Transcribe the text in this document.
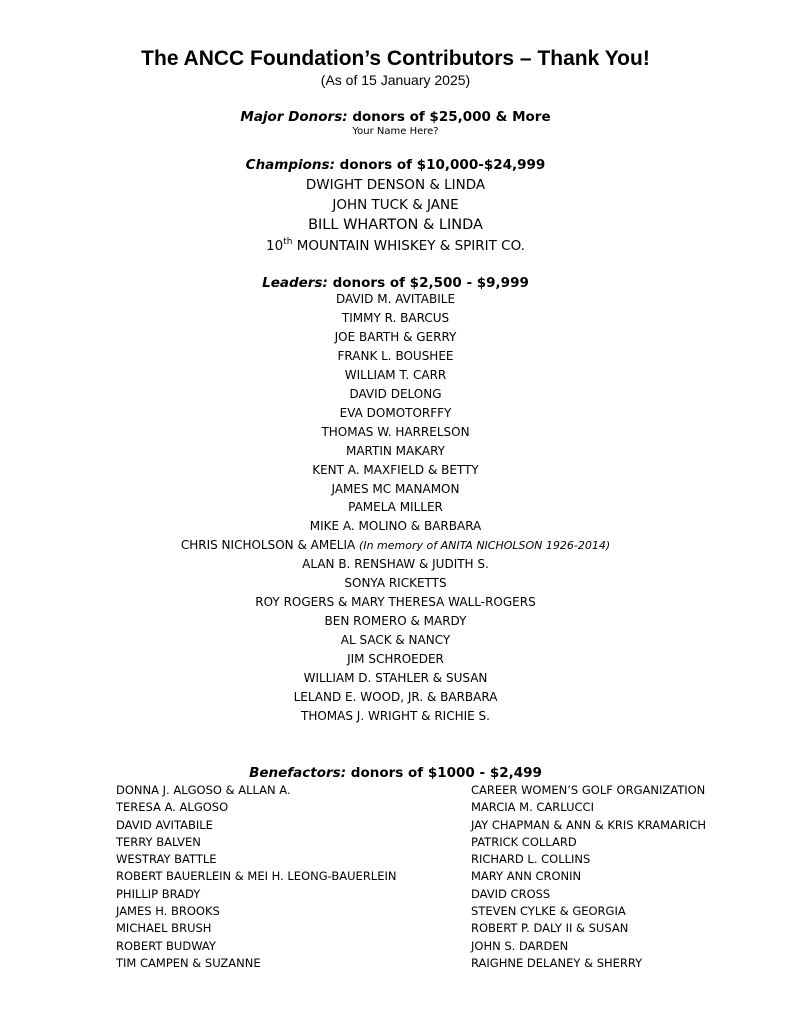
The ANCC Foundation’s Contributors – Thank You!
(As of 15 January 2025)
Major Donors: donors of $25,000 & More
Your Name Here?
Champions: donors of $10,000-$24,999
DWIGHT DENSON & LINDA
JOHN TUCK & JANE
BILL WHARTON & LINDA
10th MOUNTAIN WHISKEY & SPIRIT CO.
Leaders: donors of $2,500 - $9,999
DAVID M. AVITABILE
TIMMY R. BARCUS
JOE BARTH & GERRY
FRANK L. BOUSHEE
WILLIAM T. CARR
DAVID DELONG
EVA DOMOTORFFY
THOMAS W. HARRELSON
MARTIN MAKARY
KENT A. MAXFIELD & BETTY
JAMES MC MANAMON
PAMELA MILLER
MIKE A. MOLINO & BARBARA
CHRIS NICHOLSON & AMELIA (In memory of ANITA NICHOLSON 1926-2014)
ALAN B. RENSHAW & JUDITH S.
SONYA RICKETTS
ROY ROGERS & MARY THERESA WALL-ROGERS
BEN ROMERO & MARDY
AL SACK & NANCY
JIM SCHROEDER
WILLIAM D. STAHLER & SUSAN
LELAND E. WOOD, JR. & BARBARA
THOMAS J. WRIGHT & RICHIE S.
Benefactors: donors of $1000 - $2,499
DONNA J. ALGOSO & ALLAN A.
TERESA A. ALGOSO
DAVID AVITABILE
TERRY BALVEN
WESTRAY BATTLE
ROBERT BAUERLEIN & MEI H. LEONG-BAUERLEIN
PHILLIP BRADY
JAMES H. BROOKS
MICHAEL BRUSH
ROBERT BUDWAY
TIM CAMPEN & SUZANNE
CAREER WOMEN’S GOLF ORGANIZATION
MARCIA M. CARLUCCI
JAY CHAPMAN & ANN & KRIS KRAMARICH
PATRICK COLLARD
RICHARD L. COLLINS
MARY ANN CRONIN
DAVID CROSS
STEVEN CYLKE & GEORGIA
ROBERT P. DALY II & SUSAN
JOHN S. DARDEN
RAIGHNE DELANEY & SHERRY
